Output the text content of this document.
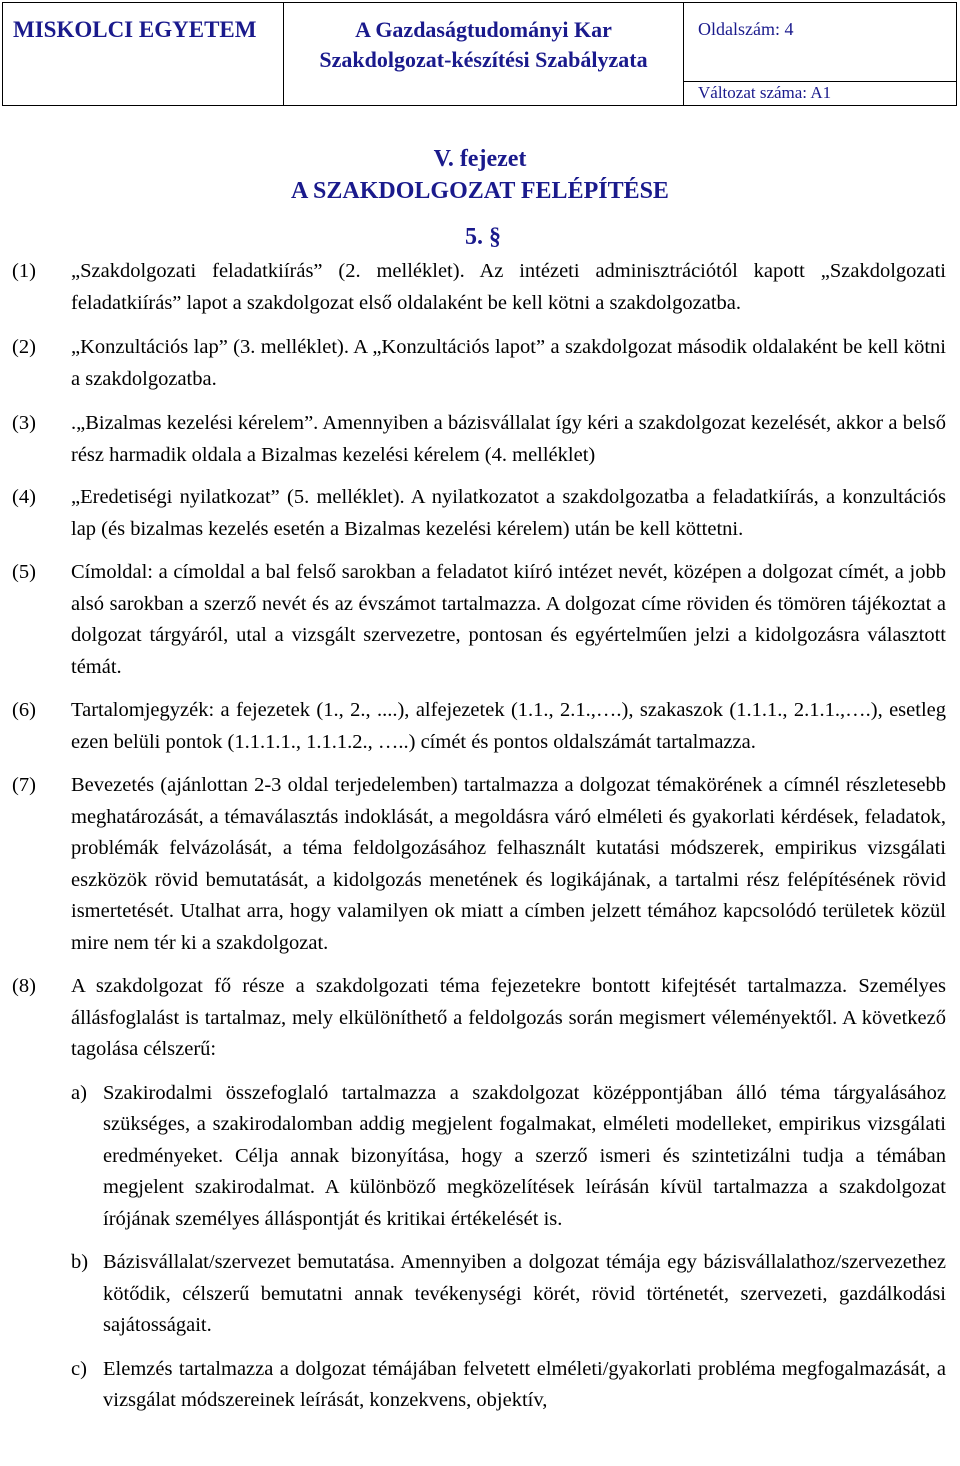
MISKOLCI EGYETEM	A Gazdaságtudományi Kar
Szakdolgozat-készítési Szabályzata
Oldalszám: 4
Változat száma: A1
V. fejezet
A SZAKDOLGOZAT FELÉPÍTÉSE
5. §
(1) „Szakdolgozati feladatkiírás” (2. melléklet). Az intézeti adminisztrációtól kapott „Szakdolgozati feladatkiírás” lapot a szakdolgozat első oldalaként be kell kötni a szakdolgozatba.
(2) „Konzultációs lap” (3. melléklet). A „Konzultációs lapot” a szakdolgozat második oldalaként be kell kötni a szakdolgozatba.
(3) .„Bizalmas kezelési kérelem”. Amennyiben a bázisvállalat így kéri a szakdolgozat kezelését, akkor a belső rész harmadik oldala a Bizalmas kezelési kérelem (4. melléklet)
(4) „Eredetiségi nyilatkozat” (5. melléklet). A nyilatkozatot a szakdolgozatba a feladatkiírás, a konzultációs lap (és bizalmas kezelés esetén a Bizalmas kezelési kérelem) után be kell köttetni.
(5) Címoldal: a címoldal a bal felső sarokban a feladatot kiíró intézet nevét, középen a dolgozat címét, a jobb alsó sarokban a szerző nevét és az évszámot tartalmazza. A dolgozat címe röviden és tömören tájékoztat a dolgozat tárgyáról, utal a vizsgált szervezetre, pontosan és egyértelműen jelzi a kidolgozásra választott témát.
(6) Tartalomjegyzék: a fejezetek (1., 2., ....), alfejezetek (1.1., 2.1.,….), szakaszok (1.1.1., 2.1.1.,….), esetleg ezen belüli pontok (1.1.1.1., 1.1.1.2., …..) címét és pontos oldalszámát tartalmazza.
(7) Bevezetés (ajánlottan 2-3 oldal terjedelemben) tartalmazza a dolgozat témakörének a címnél részletesebb meghatározását, a témaválasztás indoklását, a megoldásra váró elméleti és gyakorlati kérdések, feladatok, problémák felvázolását, a téma feldolgozásához felhasznált kutatási módszerek, empirikus vizsgálati eszközök rövid bemutatását, a kidolgozás menetének és logikájának, a tartalmi rész felépítésének rövid ismertetését. Utalhat arra, hogy valamilyen ok miatt a címben jelzett témához kapcsolódó területek közül mire nem tér ki a szakdolgozat.
(8) A szakdolgozat fő része a szakdolgozati téma fejezetekre bontott kifejtését tartalmazza. Személyes állásfoglalást is tartalmaz, mely elkülöníthető a feldolgozás során megismert véleményektől. A következő tagolása célszerű:
a) Szakirodalmi összefoglaló tartalmazza a szakdolgozat középpontjában álló téma tárgyalásához szükséges, a szakirodalomban addig megjelent fogalmakat, elméleti modelleket, empirikus vizsgálati eredményeket. Célja annak bizonyítása, hogy a szerző ismeri és szintetizálni tudja a témában megjelent szakirodalmat. A különböző megközelítések leírásán kívül tartalmazza a szakdolgozat írójának személyes álláspontját és kritikai értékelését is.
b) Bázisvállalat/szervezet bemutatása. Amennyiben a dolgozat témája egy bázisvállalathoz/szervezethez kötődik, célszerű bemutatni annak tevékenységi körét, rövid történetét, szervezeti, gazdálkodási sajátosságait.
c) Elemzés tartalmazza a dolgozat témájában felvetett elméleti/gyakorlati probléma megfogalmazását, a vizsgálat módszereinek leírását, konzekvens, objektív,
